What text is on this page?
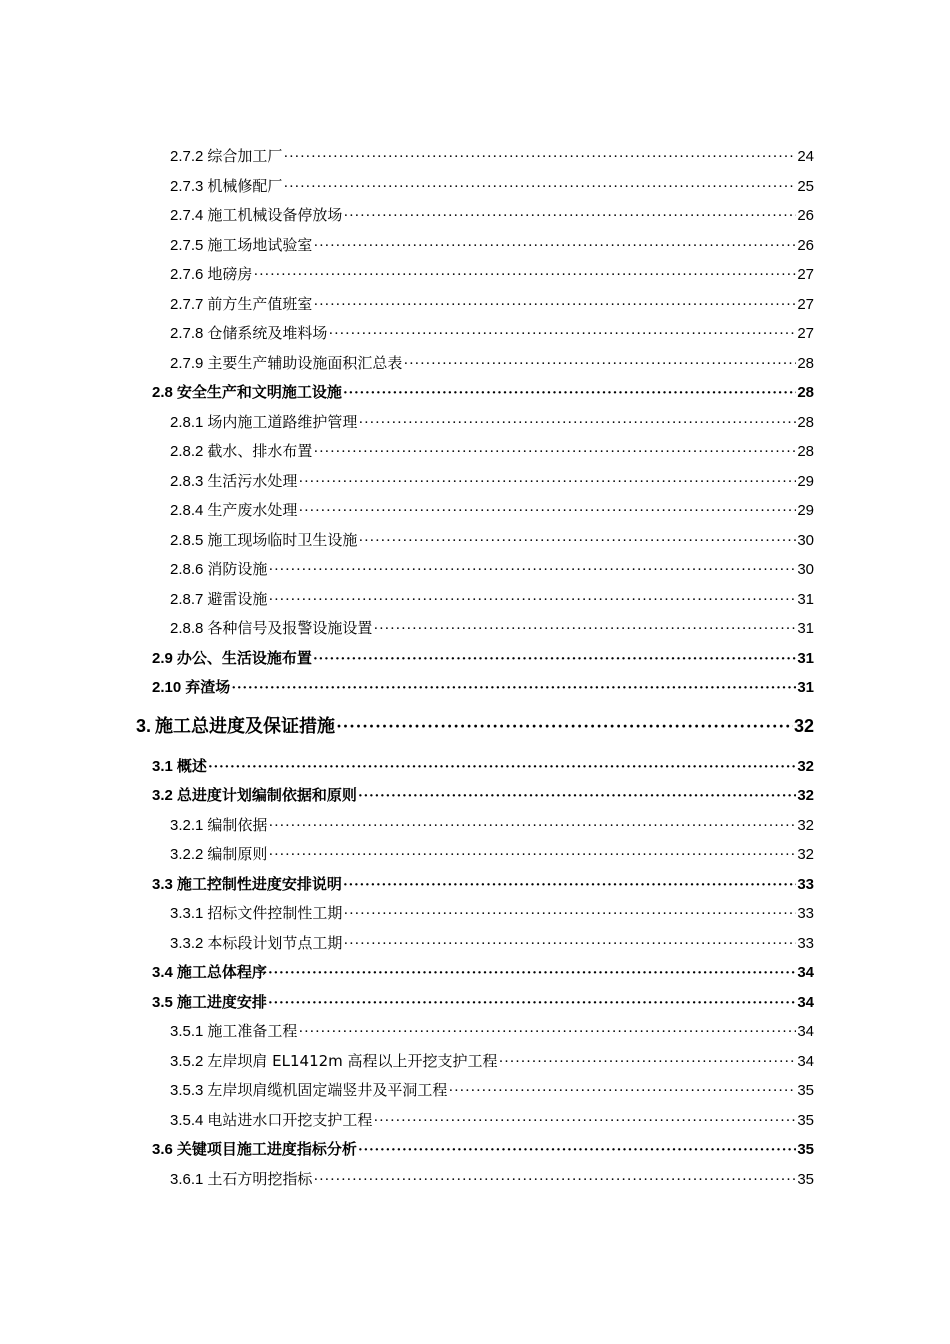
2.7.2 综合加工厂 ·····	24
2.7.3 机械修配厂 ·····	25
2.7.4 施工机械设备停放场 ·····	26
2.7.5 施工场地试验室 ·····	26
2.7.6 地磅房 ·····	27
2.7.7 前方生产值班室 ·····	27
2.7.8 仓储系统及堆料场 ·····	27
2.7.9 主要生产辅助设施面积汇总表 ·····	28
2.8 安全生产和文明施工设施 ·····	28
2.8.1 场内施工道路维护管理 ·····	28
2.8.2 截水、排水布置 ·····	28
2.8.3 生活污水处理 ·····	29
2.8.4 生产废水处理 ·····	29
2.8.5 施工现场临时卫生设施 ·····	30
2.8.6 消防设施 ·····	30
2.8.7 避雷设施 ·····	31
2.8.8 各种信号及报警设施设置 ·····	31
2.9 办公、生活设施布置 ·····	31
2.10 弃渣场 ·····	31
3. 施工总进度及保证措施 ·····	32
3.1 概述 ·····	32
3.2 总进度计划编制依据和原则 ·····	32
3.2.1 编制依据 ·····	32
3.2.2 编制原则 ·····	32
3.3 施工控制性进度安排说明 ·····	33
3.3.1 招标文件控制性工期 ·····	33
3.3.2 本标段计划节点工期 ·····	33
3.4 施工总体程序 ·····	34
3.5 施工进度安排 ·····	34
3.5.1 施工准备工程 ·····	34
3.5.2 左岸坝肩 EL1412m 高程以上开挖支护工程 ·····	34
3.5.3 左岸坝肩缆机固定端竖井及平洞工程 ·····	35
3.5.4 电站进水口开挖支护工程 ·····	35
3.6 关键项目施工进度指标分析 ·····	35
3.6.1 土石方明挖指标 ·····	35
